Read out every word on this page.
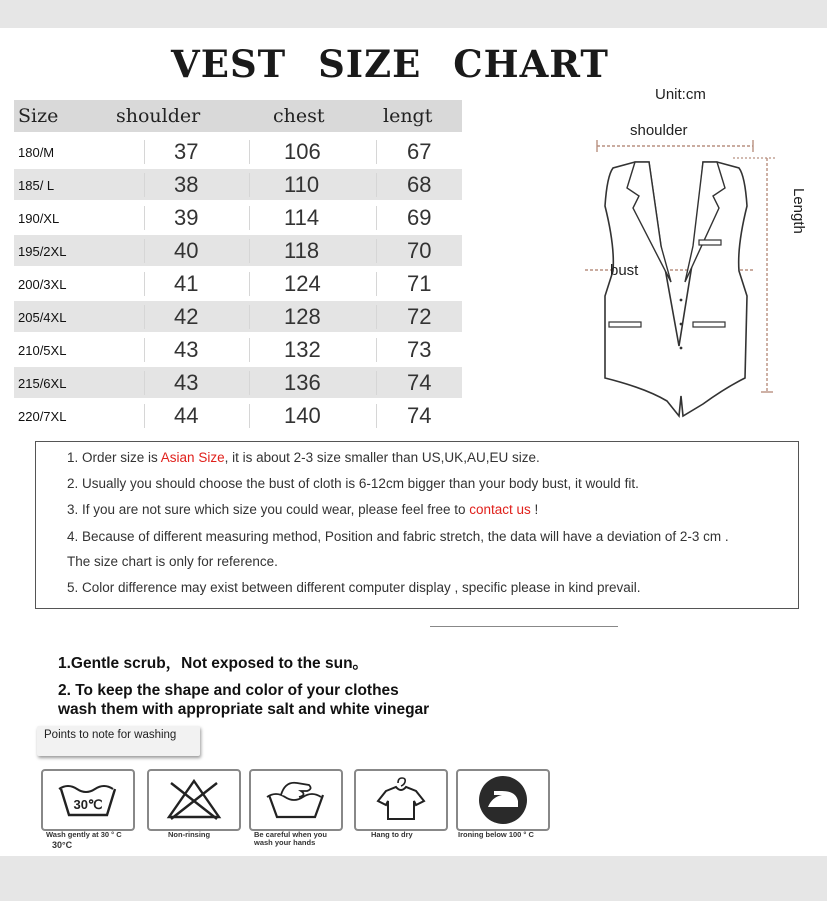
VEST SIZE CHART
Unit:cm
Size	shoulder	chest	lengt
180/M	37	106	67
185/ L	38	110	68
190/XL	39	114	69
195/2XL	40	118	70
200/3XL	41	124	71
205/4XL	42	128	72
210/5XL	43	132	73
215/6XL	43	136	74
220/7XL	44	140	74
shoulder
bust
Length
1. Order size is Asian Size, it is about 2-3 size smaller than US,UK,AU,EU size.
2. Usually you should choose the bust of cloth is 6-12cm bigger than your body bust, it would fit.
3. If you are not sure which size you could wear, please feel free to contact us !
4. Because of different measuring method, Position and fabric stretch, the data will have a deviation of 2-3 cm .
The size chart is only for reference.
5. Color difference may exist between different computer display , specific please in kind prevail.
1.Gentle scrub，Not exposed to the sun。
2. To keep the shape and color of your clothes
wash them with appropriate salt and white vinegar
Points to note for washing
30℃
Wash gently at 30 ° C
30°C
Non-rinsing	Be careful when you
wash your hands
Hang to dry	Ironing below 100 ° C
